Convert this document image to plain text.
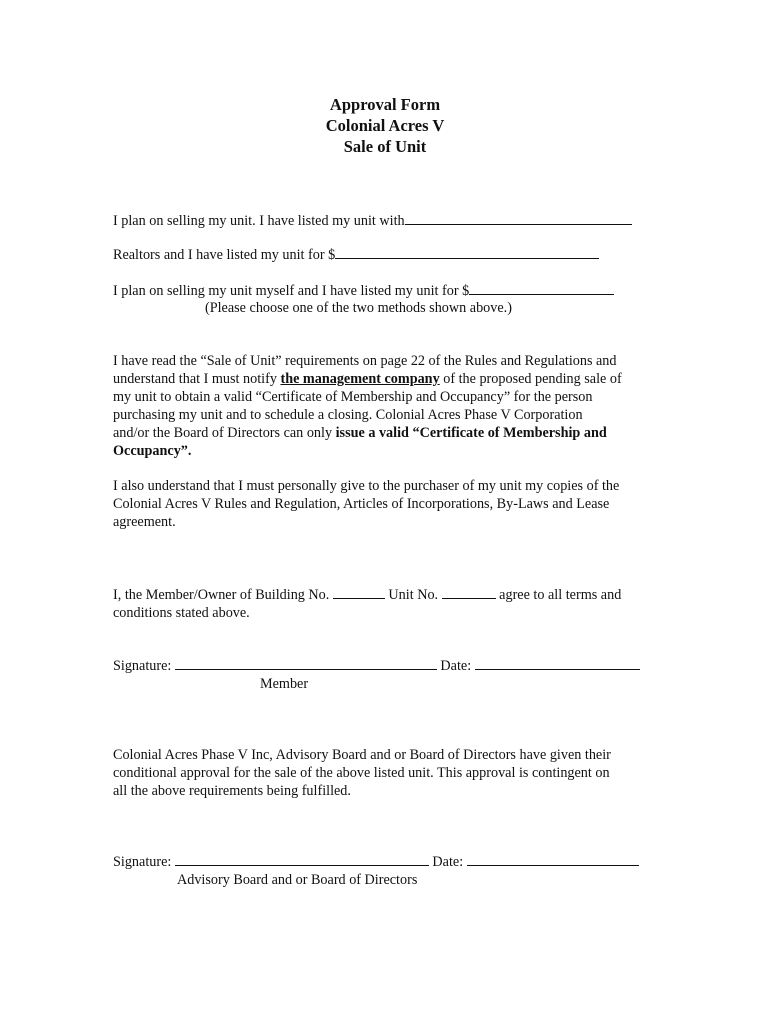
Approval Form
Colonial Acres V
Sale of Unit
I plan on selling my unit. I have listed my unit with
Realtors and I have listed my unit for $
I plan on selling my unit myself and I have listed my unit for $
(Please choose one of the two methods shown above.)
I have read the “Sale of Unit” requirements on page 22 of the Rules and Regulations and
understand that I must notify the management company of the proposed pending sale of
my unit to obtain a valid “Certificate of Membership and Occupancy” for the person
purchasing my unit and to schedule a closing. Colonial Acres Phase V Corporation
and/or the Board of Directors can only issue a valid “Certificate of Membership and
Occupancy”.
I also understand that I must personally give to the purchaser of my unit my copies of the
Colonial Acres V Rules and Regulation, Articles of Incorporations, By-Laws and Lease
agreement.
I, the Member/Owner of Building No.	Unit No.	agree to all terms and
conditions stated above.
Signature:	Date:
Member
Colonial Acres Phase V Inc, Advisory Board and or Board of Directors have given their
conditional approval for the sale of the above listed unit. This approval is contingent on
all the above requirements being fulfilled.
Signature:	Date:
Advisory Board and or Board of Directors
